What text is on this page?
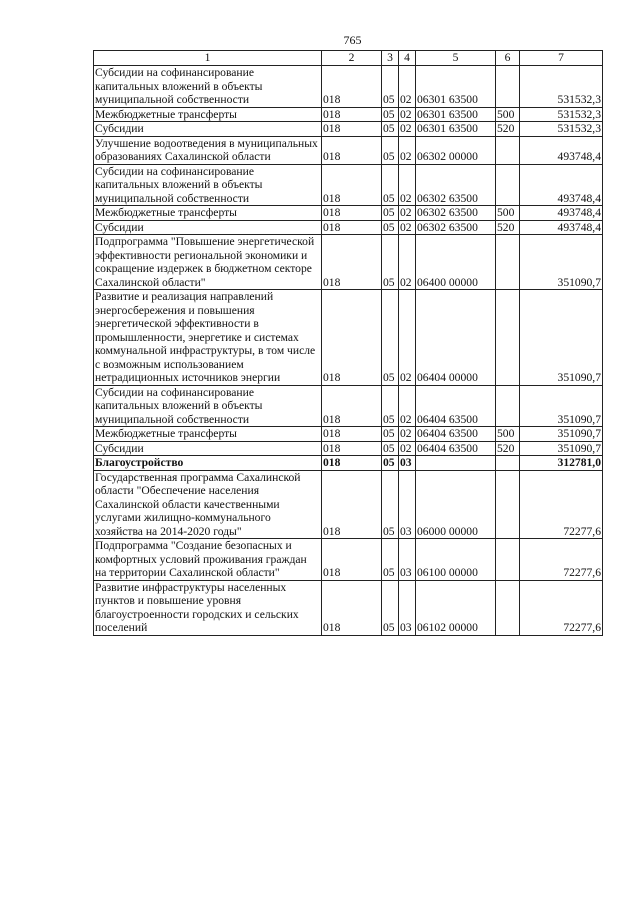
765
1	2	3	4	5	6	7
Субсидии на софинансирование капитальных вложений в объекты муниципальной собственности	018	05	02	06301 63500		531532,3
Межбюджетные трансферты	018	05	02	06301 63500	500	531532,3
Субсидии	018	05	02	06301 63500	520	531532,3
Улучшение водоотведения в муниципальных образованиях Сахалинской области	018	05	02	06302 00000		493748,4
Субсидии на софинансирование капитальных вложений в объекты муниципальной собственности	018	05	02	06302 63500		493748,4
Межбюджетные трансферты	018	05	02	06302 63500	500	493748,4
Субсидии	018	05	02	06302 63500	520	493748,4
Подпрограмма "Повышение энергетической эффективности региональной экономики и сокращение издержек в бюджетном секторе Сахалинской области"	018	05	02	06400 00000		351090,7
Развитие и реализация направлений энергосбережения и повышения энергетической эффективности в промышленности, энергетике и системах коммунальной инфраструктуры, в том числе с возможным использованием нетрадиционных источников энергии	018	05	02	06404 00000		351090,7
Субсидии на софинансирование капитальных вложений в объекты муниципальной собственности	018	05	02	06404 63500		351090,7
Межбюджетные трансферты	018	05	02	06404 63500	500	351090,7
Субсидии	018	05	02	06404 63500	520	351090,7
Благоустройство	018	05	03			312781,0
Государственная программа Сахалинской области "Обеспечение населения Сахалинской области качественными услугами жилищно-коммунального хозяйства на 2014-2020 годы"	018	05	03	06000 00000		72277,6
Подпрограмма "Создание безопасных и комфортных условий проживания граждан на территории Сахалинской области"	018	05	03	06100 00000		72277,6
Развитие инфраструктуры населенных пунктов и повышение уровня благоустроенности городских и сельских поселений	018	05	03	06102 00000		72277,6
